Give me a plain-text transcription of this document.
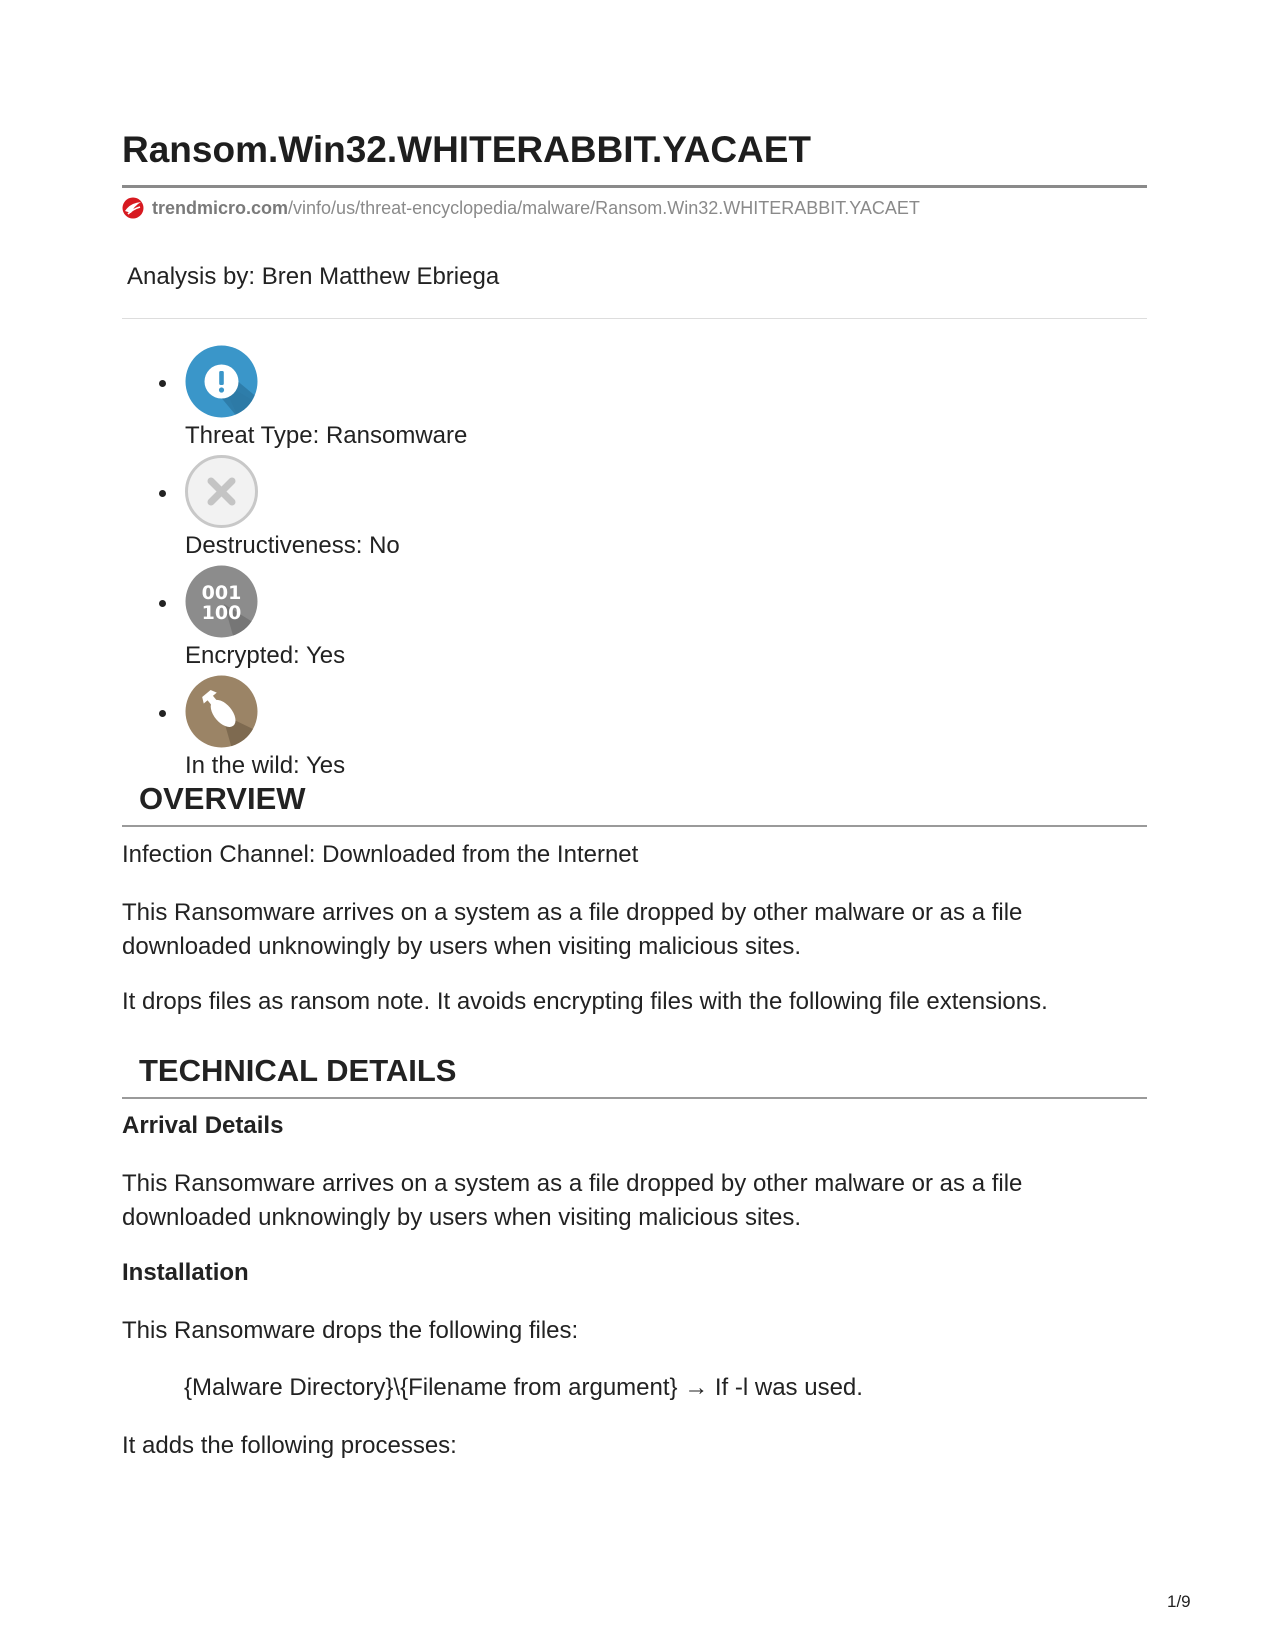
Ransom.Win32.WHITERABBIT.YACAET
trendmicro.com /vinfo/us/threat-encyclopedia/malware/Ransom.Win32.WHITERABBIT.YACAET
Analysis by: Bren Matthew Ebriega
Threat Type: Ransomware
Destructiveness: No
001
100
Encrypted: Yes
In the wild: Yes
OVERVIEW

Infection Channel: Downloaded from the Internet

This Ransomware arrives on a system as a file dropped by other malware or as a file downloaded unknowingly by users when visiting malicious sites.

It drops files as ransom note. It avoids encrypting files with the following file extensions.

TECHNICAL DETAILS
Arrival Details

This Ransomware arrives on a system as a file dropped by other malware or as a file downloaded unknowingly by users when visiting malicious sites.

Installation

This Ransomware drops the following files:

{Malware Directory}\{Filename from argument} → If -l was used.

It adds the following processes:

1/9
